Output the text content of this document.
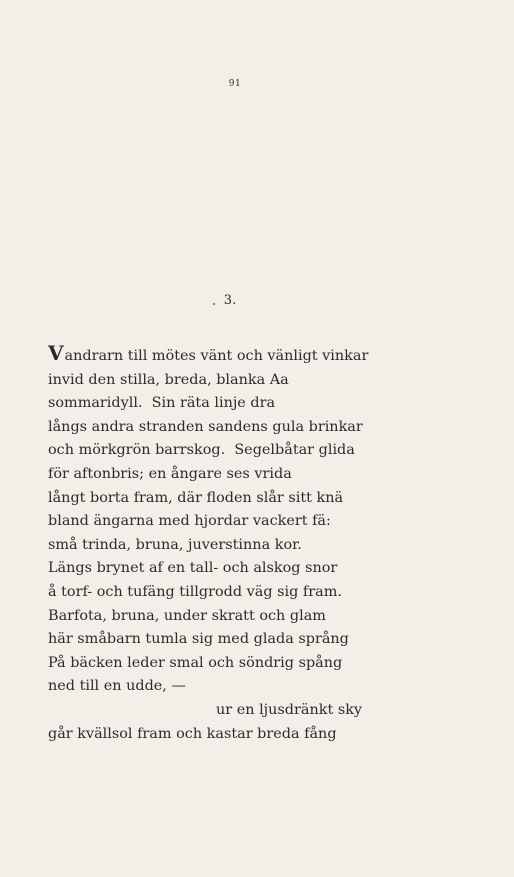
91
3.
Vandrarn till mötes vänt och vänligt vinkar
invid den stilla, breda, blanka Aa
sommaridyll.  Sin räta linje dra
långs andra stranden sandens gula brinkar
och mörkgrön barrskog.  Segelbåtar glida
för aftonbris; en ångare ses vrida
långt borta fram, där floden slår sitt knä
bland ängarna med hjordar vackert fä:
små trinda, bruna, juverstinna kor.
Längs brynet af en tall- och alskog snor
å torf- och tufäng tillgrodd väg sig fram.
Barfota, bruna, under skratt och glam
här småbarn tumla sig med glada språng
På bäcken leder smal och söndrig spång
ned till en udde, —
ur en ljusdränkt sky
går kvällsol fram och kastar breda fång
